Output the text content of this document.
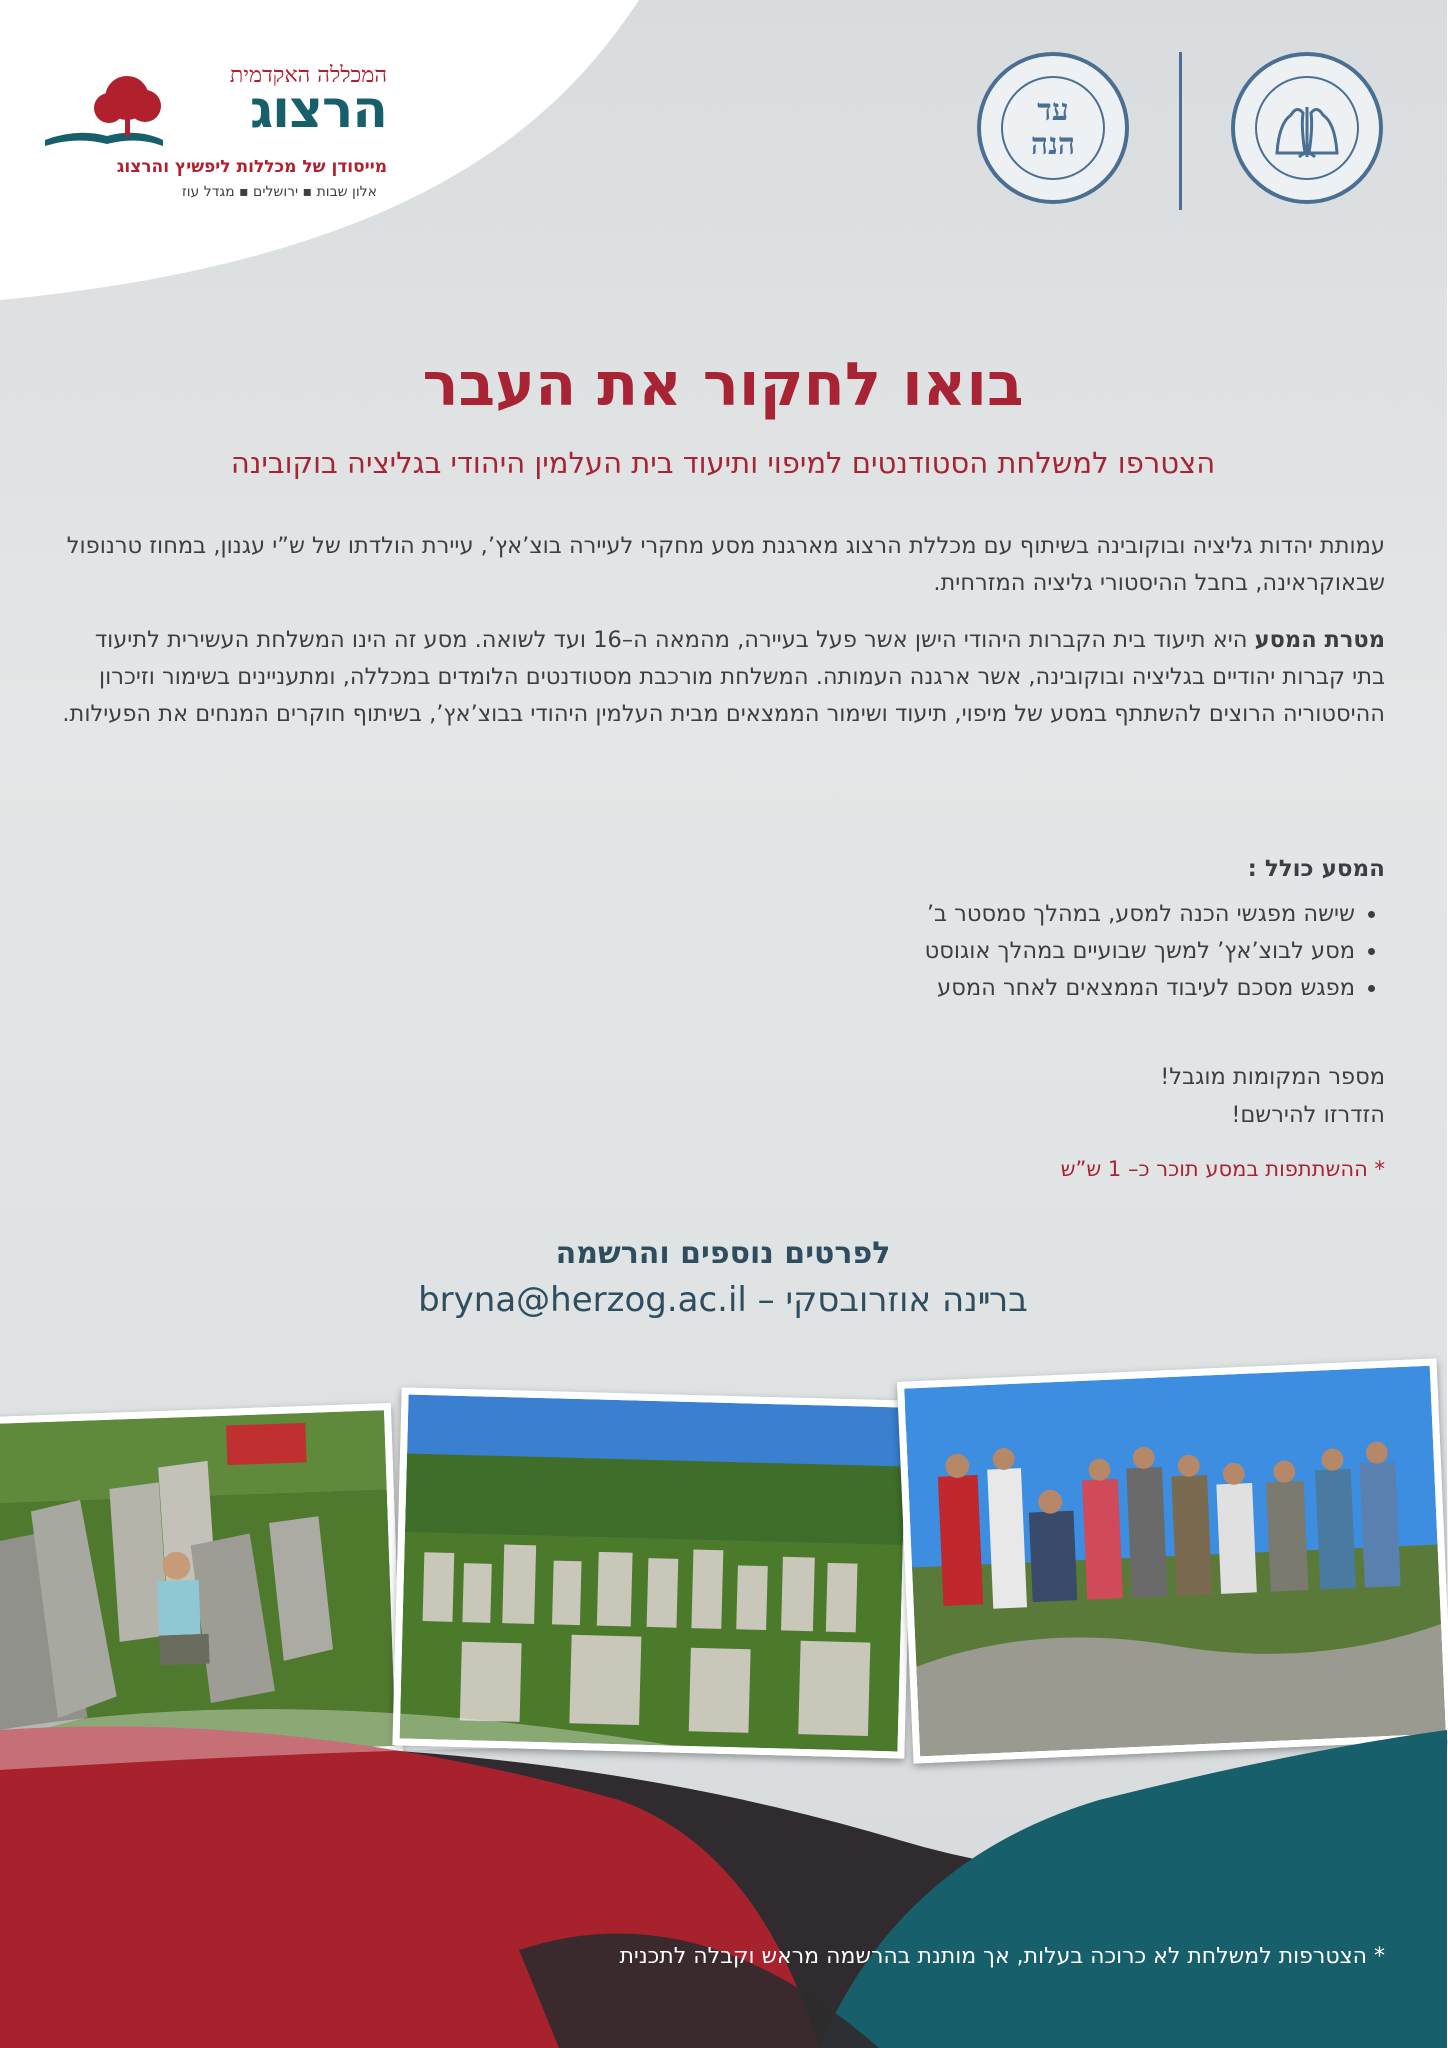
המכללה האקדמית
הרצוג
מייסודן של מכללות ליפשיץ והרצוג
אלון שבות ▪ ירושלים ▪ מגדל עוז
עד
הנה
בואו לחקור את העבר
הצטרפו למשלחת הסטודנטים למיפוי ותיעוד בית העלמין היהודי בגליציה בוקובינה
עמותת יהדות גליציה ובוקובינה בשיתוף עם מכללת הרצוג מארגנת מסע מחקרי לעיירה בוצ’אץ’, עיירת הולדתו של ש”י עגנון, במחוז טרנופול שבאוקראינה, בחבל ההיסטורי גליציה המזרחית.
מטרת המסע היא תיעוד בית הקברות היהודי הישן אשר פעל בעיירה, מהמאה ה–16 ועד לשואה. מסע זה הינו המשלחת העשירית לתיעוד בתי קברות יהודיים בגליציה ובוקובינה, אשר ארגנה העמותה. המשלחת מורכבת מסטודנטים הלומדים במכללה, ומתעניינים בשימור וזיכרון ההיסטוריה הרוצים להשתתף במסע של מיפוי, תיעוד ושימור הממצאים מבית העלמין היהודי בבוצ’אץ’, בשיתוף חוקרים המנחים את הפעילות.
המסע כולל :
• שישה מפגשי הכנה למסע, במהלך סמסטר ב’
• מסע לבוצ’אץ’ למשך שבועיים במהלך אוגוסט
• מפגש מסכם לעיבוד הממצאים לאחר המסע
מספר המקומות מוגבל!
הזדרזו להירשם!
* ההשתתפות במסע תוכר כ– 1 ש”ש
לפרטים נוספים והרשמה
ברײנה אוזרובסקי – bryna@herzog.ac.il
* הצטרפות למשלחת לא כרוכה בעלות, אך מותנת בהרשמה מראש וקבלה לתכנית
